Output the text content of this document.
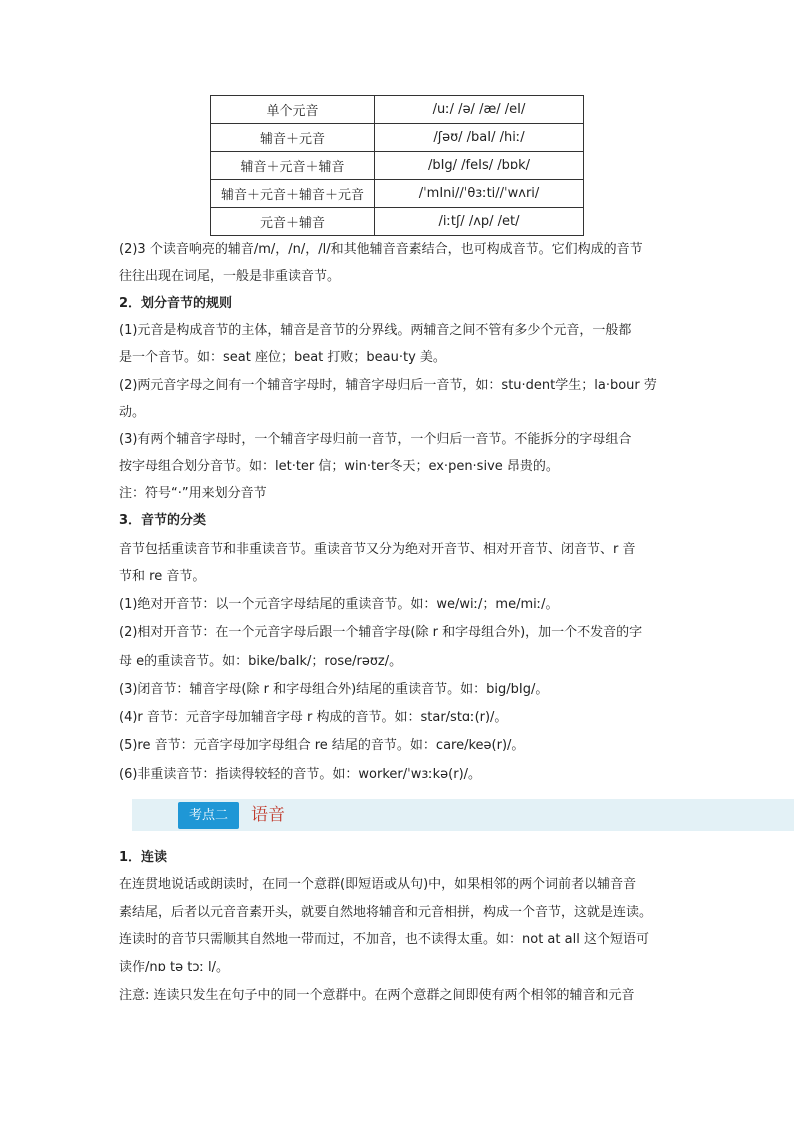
单个元音	/uː/ /ə/ /æ/ /eI/
辅音＋元音	/ʃəʊ/ /baI/ /hiː/
辅音＋元音＋辅音	/bIg/ /feIs/ /bɒk/
辅音＋元音＋辅音＋元音	/ˈmIni//ˈθɜːti//ˈwʌri/
元音＋辅音	/iːtʃ/ /ʌp/ /et/
(2)3 个读音响亮的辅音/m/，/n/，/l/和其他辅音音素结合，也可构成音节。它们构成的音节
往往出现在词尾，一般是非重读音节。
2．划分音节的规则
(1)元音是构成音节的主体，辅音是音节的分界线。两辅音之间不管有多少个元音，一般都
是一个音节。如：seat 座位；beat 打败；beau·ty 美。
(2)两元音字母之间有一个辅音字母时，辅音字母归后一音节，如：stu·dent学生；la·bour 劳
动。
(3)有两个辅音字母时，一个辅音字母归前一音节，一个归后一音节。不能拆分的字母组合
按字母组合划分音节。如：let·ter 信；win·ter冬天；ex·pen·sive 昂贵的。
注：符号“·”用来划分音节
3．音节的分类
音节包括重读音节和非重读音节。重读音节又分为绝对开音节、相对开音节、闭音节、r 音
节和 re 音节。
(1)绝对开音节：以一个元音字母结尾的重读音节。如：we/wiː/；me/miː/。
(2)相对开音节：在一个元音字母后跟一个辅音字母(除 r 和字母组合外)，加一个不发音的字
母 e的重读音节。如：bike/baIk/；rose/rəʊz/。
(3)闭音节：辅音字母(除 r 和字母组合外)结尾的重读音节。如：big/bIg/。
(4)r 音节：元音字母加辅音字母 r 构成的音节。如：star/stɑː(r)/。
(5)re 音节：元音字母加字母组合 re 结尾的音节。如：care/keə(r)/。
(6)非重读音节：指读得较轻的音节。如：worker/ˈwɜːkə(r)/。
考点二	语音
1．连读
在连贯地说话或朗读时，在同一个意群(即短语或从句)中，如果相邻的两个词前者以辅音音
素结尾，后者以元音音素开头，就要自然地将辅音和元音相拼，构成一个音节，这就是连读。
连读时的音节只需顺其自然地一带而过，不加音，也不读得太重。如：not at all 这个短语可
读作/nɒ tə tɔː l/。
注意: 连读只发生在句子中的同一个意群中。在两个意群之间即使有两个相邻的辅音和元音
